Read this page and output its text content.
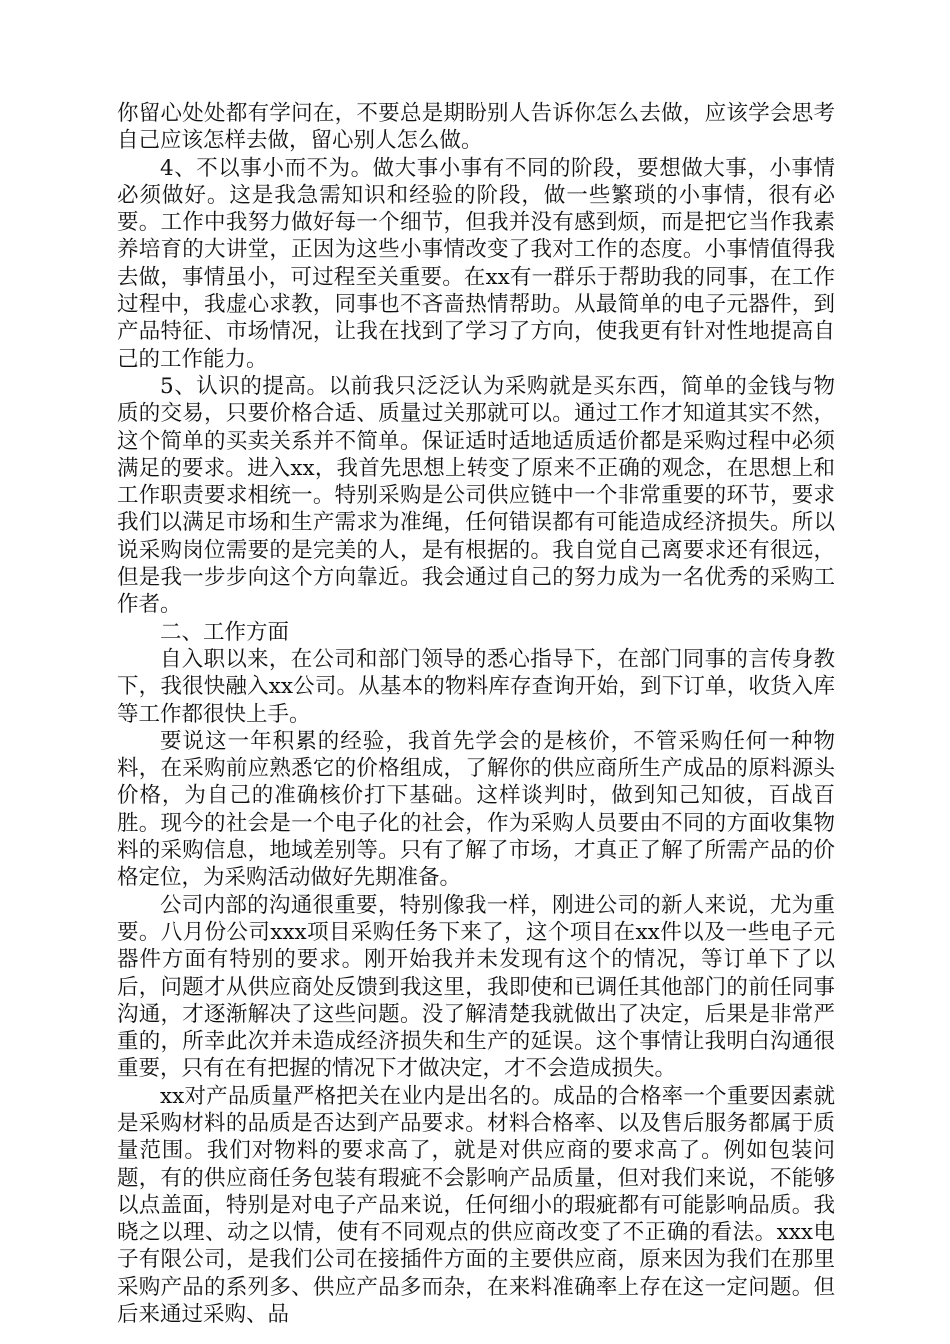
你留心处处都有学问在，不要总是期盼别人告诉你怎么去做，应该学会思考自己应该怎样去做，留心别人怎么做。

4、不以事小而不为。做大事小事有不同的阶段，要想做大事，小事情必须做好。这是我急需知识和经验的阶段，做一些繁琐的小事情，很有必要。工作中我努力做好每一个细节，但我并没有感到烦，而是把它当作我素养培育的大讲堂，正因为这些小事情改变了我对工作的态度。小事情值得我去做，事情虽小，可过程至关重要。在xx有一群乐于帮助我的同事，在工作过程中，我虚心求教，同事也不吝啬热情帮助。从最简单的电子元器件，到产品特征、市场情况，让我在找到了学习了方向，使我更有针对性地提高自己的工作能力。

5、认识的提高。以前我只泛泛认为采购就是买东西，简单的金钱与物质的交易，只要价格合适、质量过关那就可以。通过工作才知道其实不然，这个简单的买卖关系并不简单。保证适时适地适质适价都是采购过程中必须满足的要求。进入xx，我首先思想上转变了原来不正确的观念，在思想上和工作职责要求相统一。特别采购是公司供应链中一个非常重要的环节，要求我们以满足市场和生产需求为准绳，任何错误都有可能造成经济损失。所以说采购岗位需要的是完美的人，是有根据的。我自觉自己离要求还有很远，但是我一步步向这个方向靠近。我会通过自己的努力成为一名优秀的采购工作者。

二、工作方面

自入职以来，在公司和部门领导的悉心指导下，在部门同事的言传身教下，我很快融入xx公司。从基本的物料库存查询开始，到下订单，收货入库等工作都很快上手。

要说这一年积累的经验，我首先学会的是核价，不管采购任何一种物料，在采购前应熟悉它的价格组成，了解你的供应商所生产成品的原料源头价格，为自己的准确核价打下基础。这样谈判时，做到知己知彼，百战百胜。现今的社会是一个电子化的社会，作为采购人员要由不同的方面收集物料的采购信息，地域差别等。只有了解了市场，才真正了解了所需产品的价格定位，为采购活动做好先期准备。

公司内部的沟通很重要，特别像我一样，刚进公司的新人来说，尤为重要。八月份公司xxx项目采购任务下来了，这个项目在xx件以及一些电子元器件方面有特别的要求。刚开始我并未发现有这个的情况，等订单下了以后，问题才从供应商处反馈到我这里，我即使和已调任其他部门的前任同事沟通，才逐渐解决了这些问题。没了解清楚我就做出了决定，后果是非常严重的，所幸此次并未造成经济损失和生产的延误。这个事情让我明白沟通很重要，只有在有把握的情况下才做决定，才不会造成损失。

xx对产品质量严格把关在业内是出名的。成品的合格率一个重要因素就是采购材料的品质是否达到产品要求。材料合格率、以及售后服务都属于质量范围。我们对物料的要求高了，就是对供应商的要求高了。例如包装问题，有的供应商任务包装有瑕疵不会影响产品质量，但对我们来说，不能够以点盖面，特别是对电子产品来说，任何细小的瑕疵都有可能影响品质。我晓之以理、动之以情，使有不同观点的供应商改变了不正确的看法。xxx电子有限公司，是我们公司在接插件方面的主要供应商，原来因为我们在那里采购产品的系列多、供应产品多而杂，在来料准确率上存在这一定问题。但后来通过采购、品
